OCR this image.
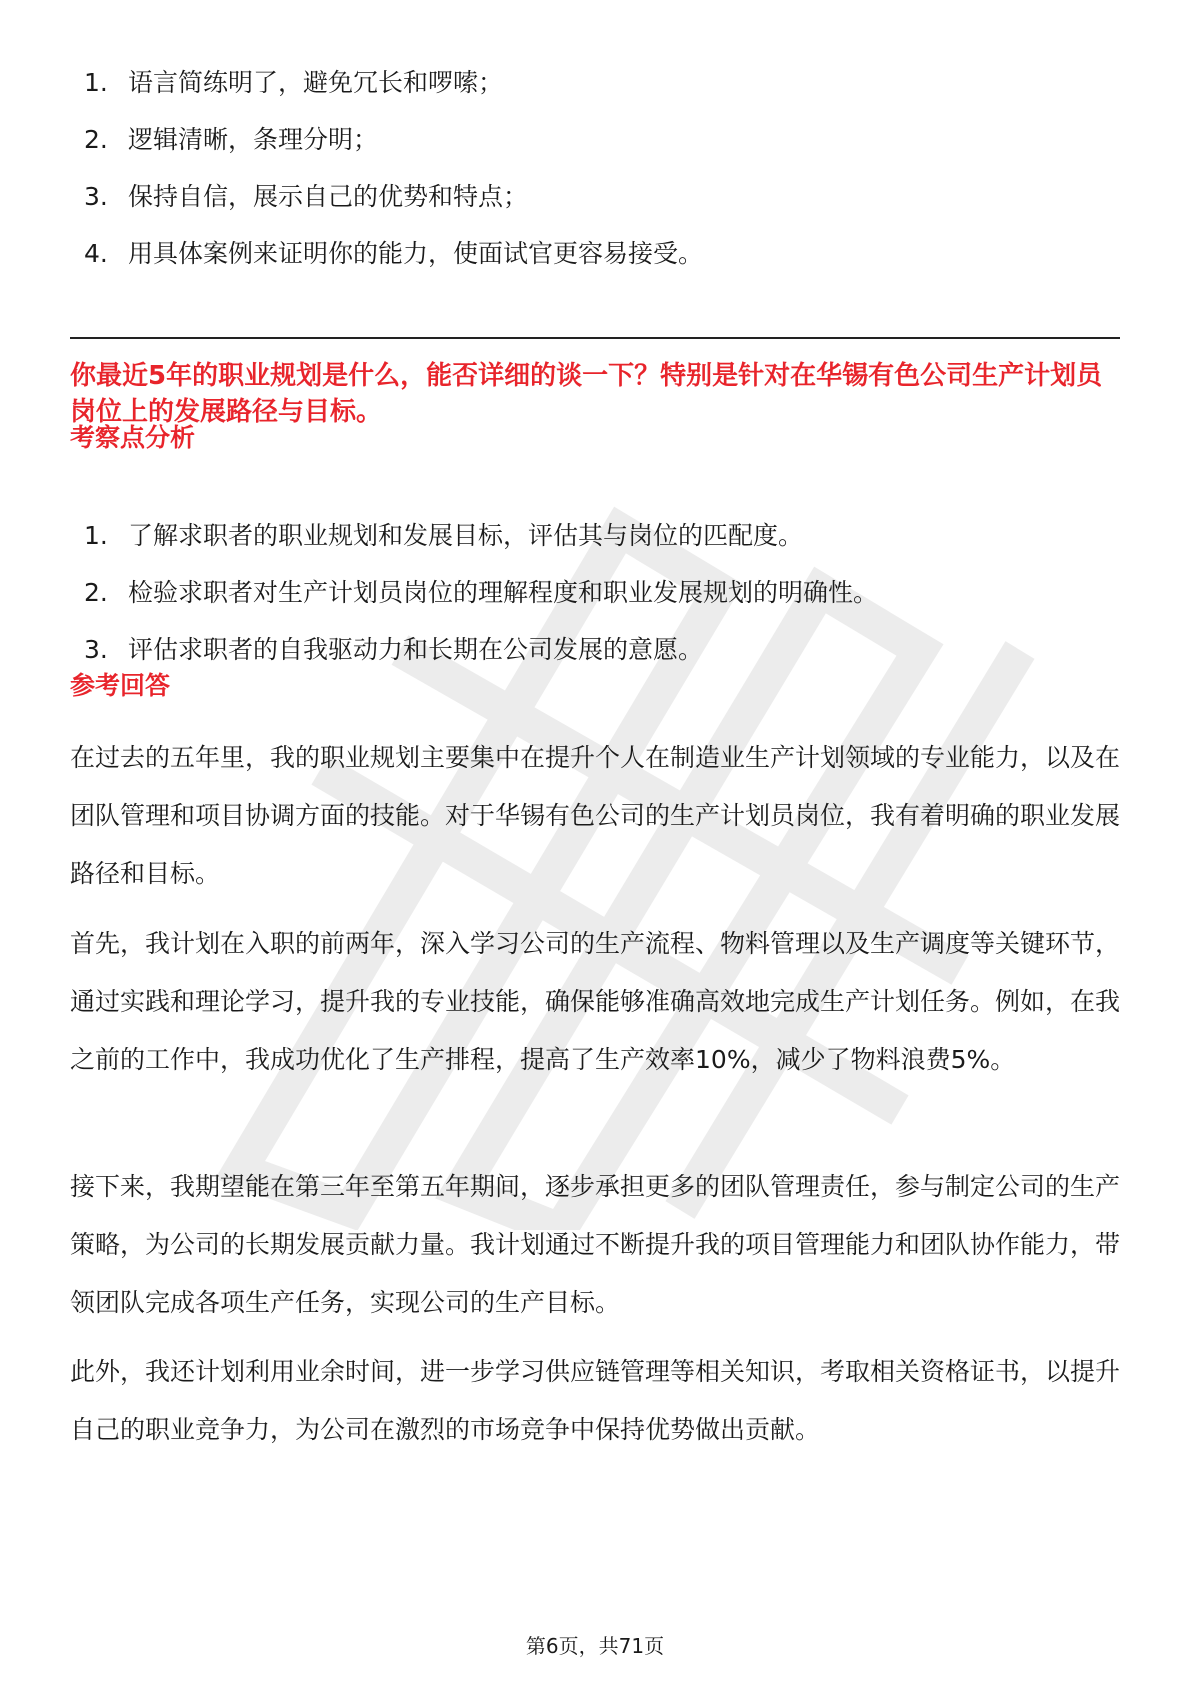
1. 语言简练明了，避免冗长和啰嗦；
2. 逻辑清晰，条理分明；
3. 保持自信，展示自己的优势和特点；
4. 用具体案例来证明你的能力，使面试官更容易接受。
你最近5年的职业规划是什么，能否详细的谈一下？特别是针对在华锡有色公司生产计划员岗位上的发展路径与目标。
考察点分析
1. 了解求职者的职业规划和发展目标，评估其与岗位的匹配度。
2. 检验求职者对生产计划员岗位的理解程度和职业发展规划的明确性。
3. 评估求职者的自我驱动力和长期在公司发展的意愿。
参考回答

在过去的五年里，我的职业规划主要集中在提升个人在制造业生产计划领域的专业能力，以及在团队管理和项目协调方面的技能。对于华锡有色公司的生产计划员岗位，我有着明确的职业发展路径和目标。

首先，我计划在入职的前两年，深入学习公司的生产流程、物料管理以及生产调度等关键环节，通过实践和理论学习，提升我的专业技能，确保能够准确高效地完成生产计划任务。例如，在我之前的工作中，我成功优化了生产排程，提高了生产效率10%，减少了物料浪费5%。

接下来，我期望能在第三年至第五年期间，逐步承担更多的团队管理责任，参与制定公司的生产策略，为公司的长期发展贡献力量。我计划通过不断提升我的项目管理能力和团队协作能力，带领团队完成各项生产任务，实现公司的生产目标。

此外，我还计划利用业余时间，进一步学习供应链管理等相关知识，考取相关资格证书，以提升自己的职业竞争力，为公司在激烈的市场竞争中保持优势做出贡献。

第6页，共71页
